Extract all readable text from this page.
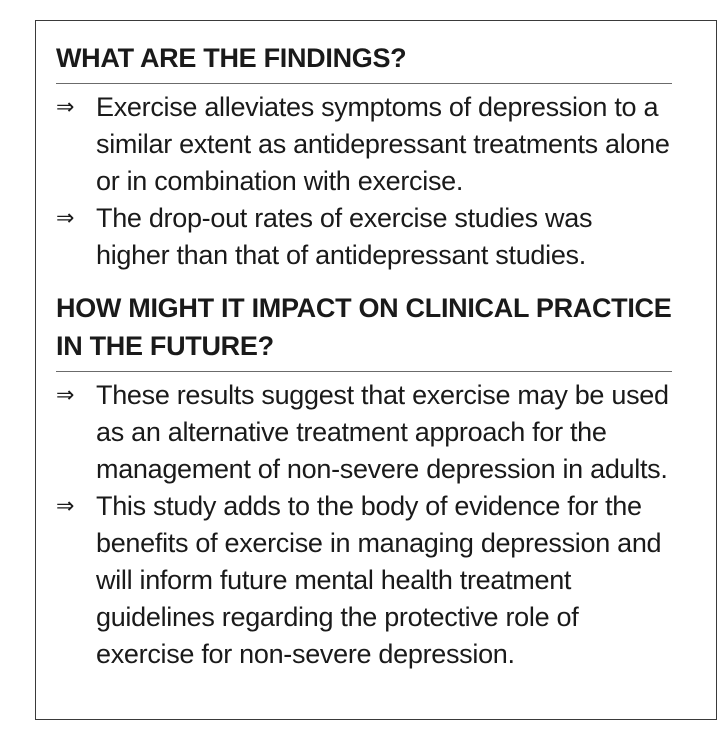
WHAT ARE THE FINDINGS?
⇒ Exercise alleviates symptoms of depression to a similar extent as antidepressant treatments alone or in combination with exercise.
⇒ The drop-out rates of exercise studies was higher than that of antidepressant studies.
HOW MIGHT IT IMPACT ON CLINICAL PRACTICE IN THE FUTURE?
⇒ These results suggest that exercise may be used as an alternative treatment approach for the management of non-severe depression in adults.
⇒ This study adds to the body of evidence for the benefits of exercise in managing depression and will inform future mental health treatment guidelines regarding the protective role of exercise for non-severe depression.
